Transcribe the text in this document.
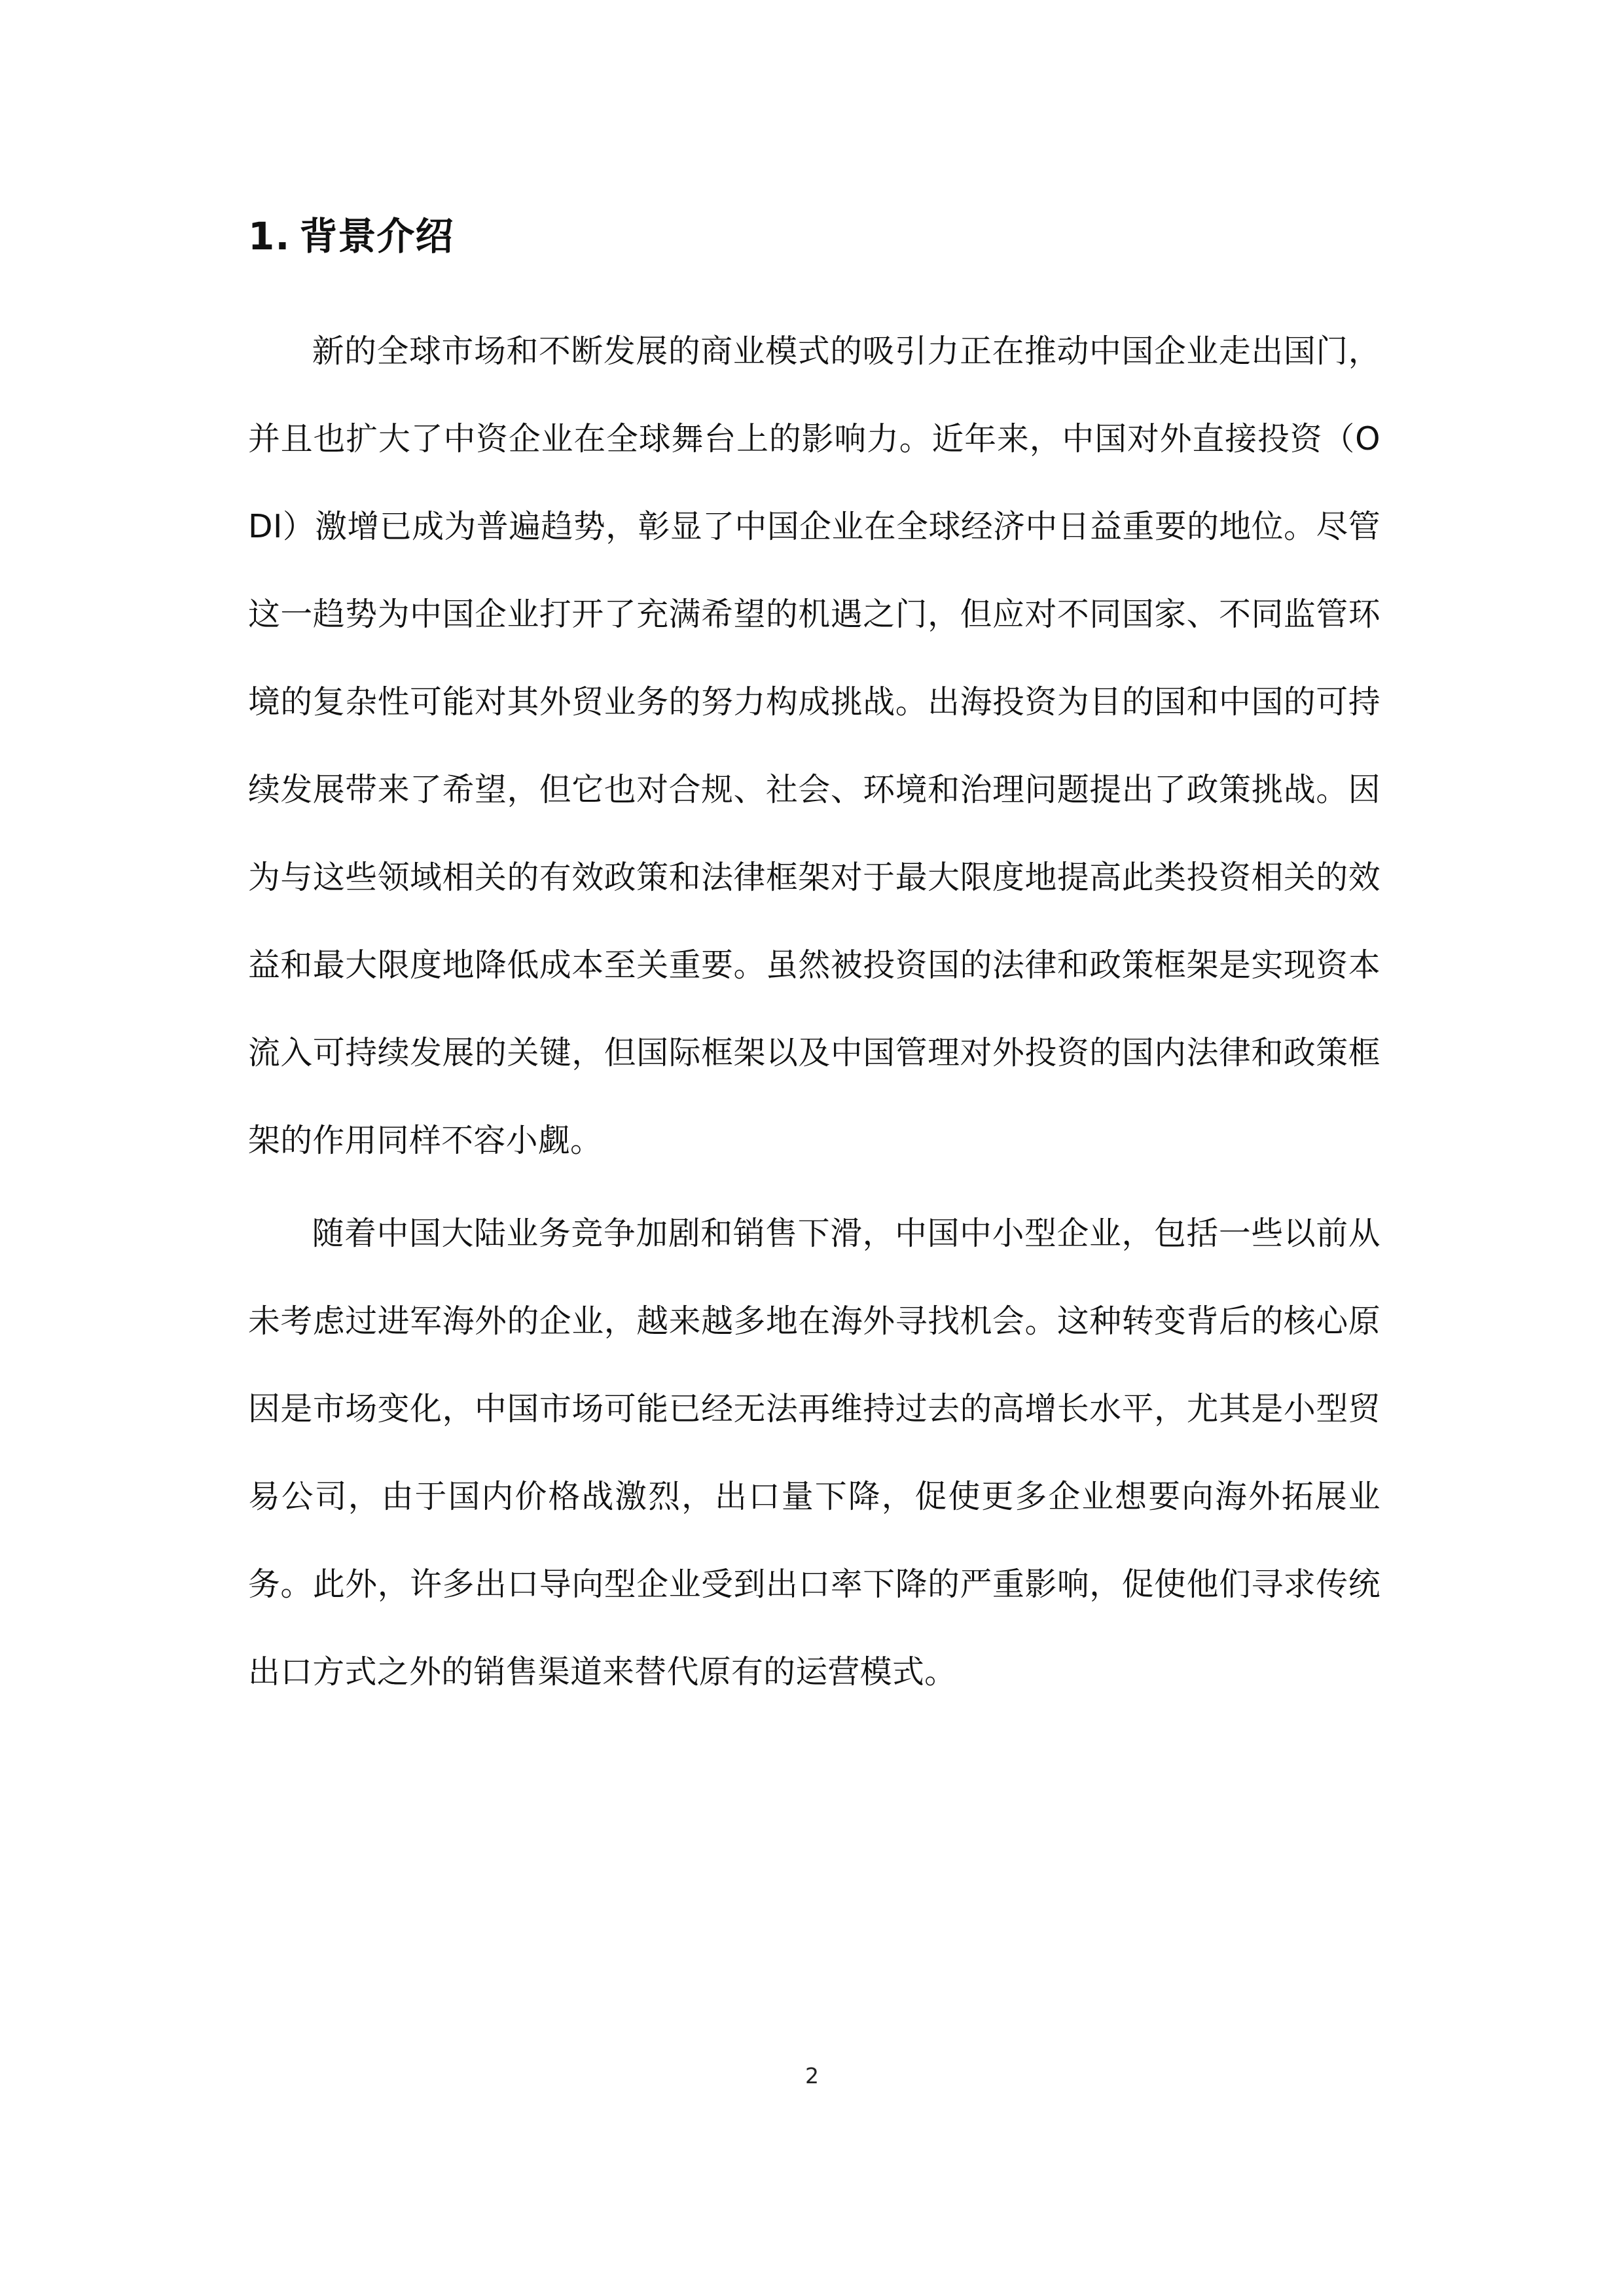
1. 背景介绍

新的全球市场和不断发展的商业模式的吸引力正在推动中国企业走出国门，并且也扩大了中资企业在全球舞台上的影响力。近年来，中国对外直接投资（ODI）激增已成为普遍趋势，彰显了中国企业在全球经济中日益重要的地位。尽管这一趋势为中国企业打开了充满希望的机遇之门，但应对不同国家、不同监管环境的复杂性可能对其外贸业务的努力构成挑战。出海投资为目的国和中国的可持续发展带来了希望，但它也对合规、社会、环境和治理问题提出了政策挑战。因为与这些领域相关的有效政策和法律框架对于最大限度地提高此类投资相关的效益和最大限度地降低成本至关重要。虽然被投资国的法律和政策框架是实现资本流入可持续发展的关键，但国际框架以及中国管理对外投资的国内法律和政策框架的作用同样不容小觑。

随着中国大陆业务竞争加剧和销售下滑，中国中小型企业，包括一些以前从未考虑过进军海外的企业，越来越多地在海外寻找机会。这种转变背后的核心原因是市场变化，中国市场可能已经无法再维持过去的高增长水平，尤其是小型贸易公司，由于国内价格战激烈，出口量下降，促使更多企业想要向海外拓展业务。此外，许多出口导向型企业受到出口率下降的严重影响，促使他们寻求传统出口方式之外的销售渠道来替代原有的运营模式。

2
